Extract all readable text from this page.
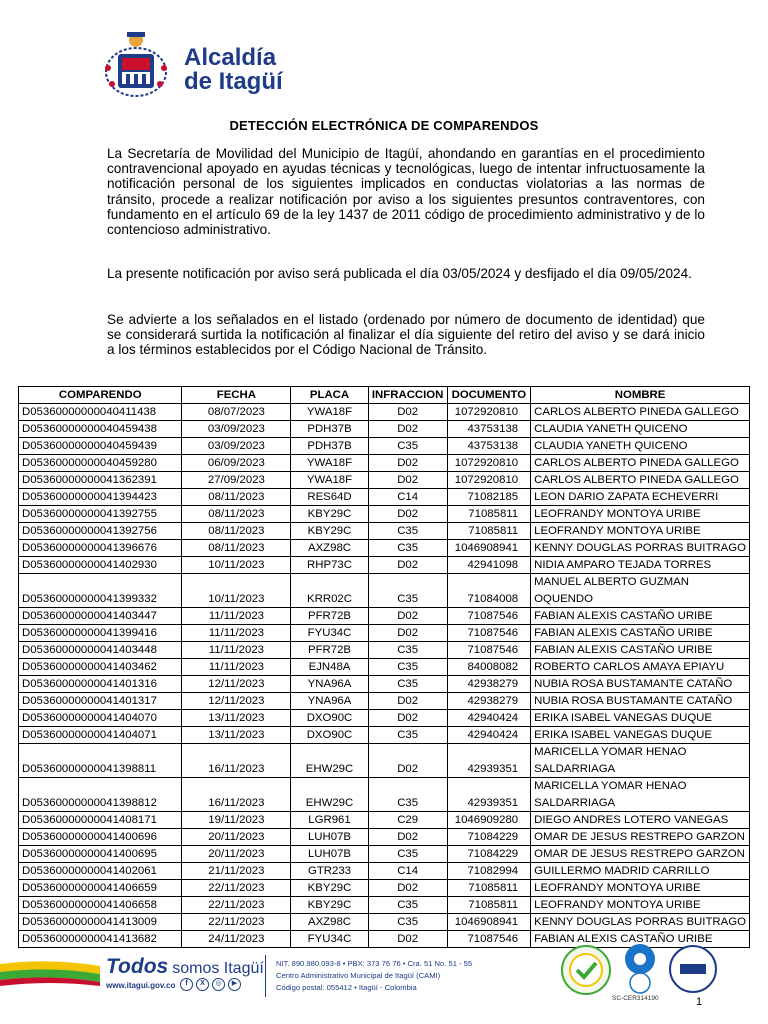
Alcaldía
de Itagüí
DETECCIÓN ELECTRÓNICA DE COMPARENDOS

La Secretaría de Movilidad del Municipio de Itagüí, ahondando en garantías en el procedimiento contravencional apoyado en ayudas técnicas y tecnológicas, luego de intentar infructuosamente la notificación personal de los siguientes implicados en conductas violatorias a las normas de tránsito, procede a realizar notificación por aviso a los siguientes presuntos contraventores, con fundamento en el artículo 69 de la ley 1437 de 2011 código de procedimiento administrativo y de lo contencioso administrativo.

La presente notificación por aviso será publicada el día 03/05/2024 y desfijado el día 09/05/2024.

Se advierte a los señalados en el listado (ordenado por número de documento de identidad) que se considerará surtida la notificación al finalizar el día siguiente del retiro del aviso y se dará inicio a los términos establecidos por el Código Nacional de Tránsito.

COMPARENDO	FECHA	PLACA	INFRACCION	DOCUMENTO	NOMBRE
D05360000000040411438	08/07/2023	YWA18F	D02	1072920810	CARLOS ALBERTO PINEDA GALLEGO
D05360000000040459438	03/09/2023	PDH37B	D02	43753138	CLAUDIA YANETH QUICENO
D05360000000040459439	03/09/2023	PDH37B	C35	43753138	CLAUDIA YANETH QUICENO
D05360000000040459280	06/09/2023	YWA18F	D02	1072920810	CARLOS ALBERTO PINEDA GALLEGO
D05360000000041362391	27/09/2023	YWA18F	D02	1072920810	CARLOS ALBERTO PINEDA GALLEGO
D05360000000041394423	08/11/2023	RES64D	C14	71082185	LEON DARIO ZAPATA ECHEVERRI
D05360000000041392755	08/11/2023	KBY29C	D02	71085811	LEOFRANDY MONTOYA URIBE
D05360000000041392756	08/11/2023	KBY29C	C35	71085811	LEOFRANDY MONTOYA URIBE
D05360000000041396676	08/11/2023	AXZ98C	C35	1046908941	KENNY DOUGLAS PORRAS BUITRAGO
D05360000000041402930	10/11/2023	RHP73C	D02	42941098	NIDIA AMPARO TEJADA TORRES
D05360000000041399332	10/11/2023	KRR02C	C35	71084008	MANUEL ALBERTO GUZMAN OQUENDO
D05360000000041403447	11/11/2023	PFR72B	D02	71087546	FABIAN ALEXIS CASTAÑO URIBE
D05360000000041399416	11/11/2023	FYU34C	D02	71087546	FABIAN ALEXIS CASTAÑO URIBE
D05360000000041403448	11/11/2023	PFR72B	C35	71087546	FABIAN ALEXIS CASTAÑO URIBE
D05360000000041403462	11/11/2023	EJN48A	C35	84008082	ROBERTO CARLOS AMAYA EPIAYU
D05360000000041401316	12/11/2023	YNA96A	C35	42938279	NUBIA ROSA BUSTAMANTE CATAÑO
D05360000000041401317	12/11/2023	YNA96A	D02	42938279	NUBIA ROSA BUSTAMANTE CATAÑO
D05360000000041404070	13/11/2023	DXO90C	D02	42940424	ERIKA ISABEL VANEGAS DUQUE
D05360000000041404071	13/11/2023	DXO90C	C35	42940424	ERIKA ISABEL VANEGAS DUQUE
D05360000000041398811	16/11/2023	EHW29C	D02	42939351	MARICELLA YOMAR HENAO SALDARRIAGA
D05360000000041398812	16/11/2023	EHW29C	C35	42939351	MARICELLA YOMAR HENAO SALDARRIAGA
D05360000000041408171	19/11/2023	LGR961	C29	1046909280	DIEGO ANDRES LOTERO VANEGAS
D05360000000041400696	20/11/2023	LUH07B	D02	71084229	OMAR DE JESUS RESTREPO GARZON
D05360000000041400695	20/11/2023	LUH07B	C35	71084229	OMAR DE JESUS RESTREPO GARZON
D05360000000041402061	21/11/2023	GTR233	C14	71082994	GUILLERMO MADRID CARRILLO
D05360000000041406659	22/11/2023	KBY29C	D02	71085811	LEOFRANDY MONTOYA URIBE
D05360000000041406658	22/11/2023	KBY29C	C35	71085811	LEOFRANDY MONTOYA URIBE
D05360000000041413009	22/11/2023	AXZ98C	C35	1046908941	KENNY DOUGLAS PORRAS BUITRAGO
D05360000000041413682	24/11/2023	FYU34C	D02	71087546	FABIAN ALEXIS CASTAÑO URIBE
Todos somos Itagüí
www.itagui.gov.co	f	X	◎	▶
NIT. 890.980.093-8 • PBX: 373 76 76 • Cra. 51 No. 51 - 55
Centro Administrativo Municipal de Itagüí (CAMI)
Código postal: 055412 • Itagüí - Colombia
SC-CER314190	1
